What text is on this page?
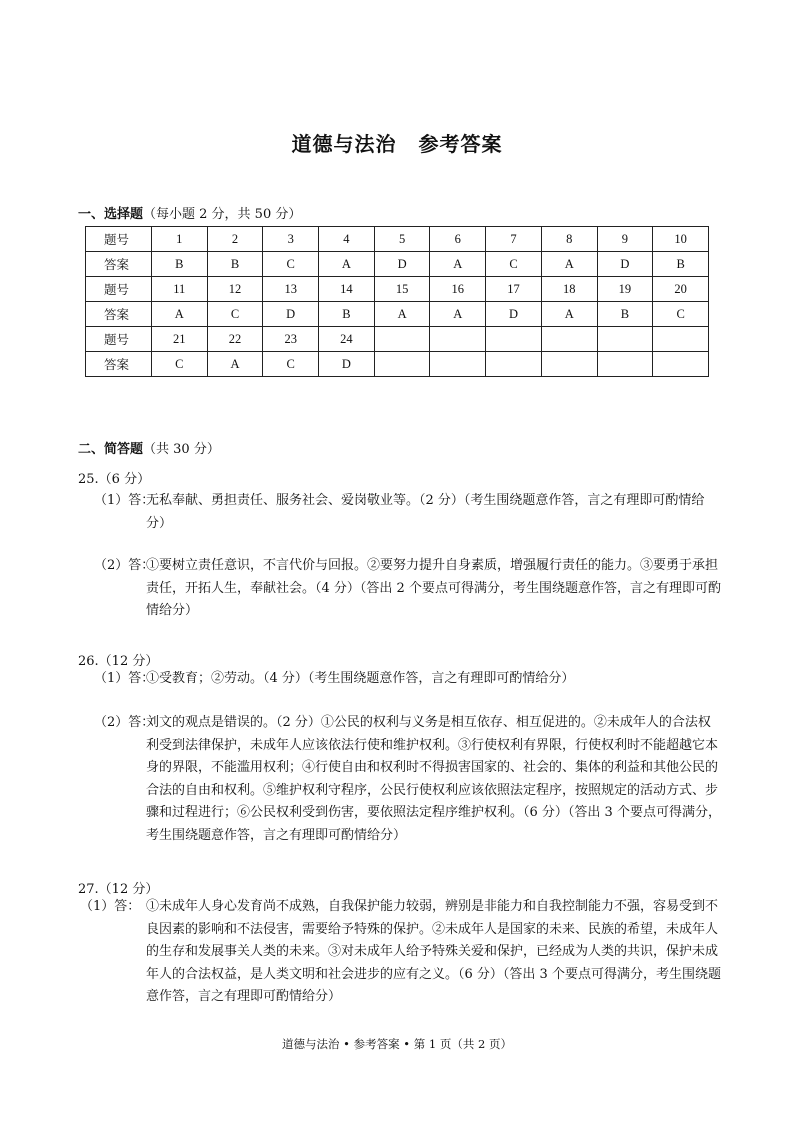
道德与法治 参考答案
一、选择题（每小题 2 分，共 50 分）
题号	1	2	3	4	5	6	7	8	9	10
答案	B	B	C	A	D	A	C	A	D	B
题号	11	12	13	14	15	16	17	18	19	20
答案	A	C	D	B	A	A	D	A	B	C
题号	21	22	23	24						
答案	C	A	C	D						
二、简答题（共 30 分）
25.（6 分）
（1）答：
无私奉献、勇担责任、服务社会、爱岗敬业等。（2 分）（考生围绕题意作答，言之有理即可酌情给分）
（2）答：
①要树立责任意识，不言代价与回报。②要努力提升自身素质，增强履行责任的能力。③要勇于承担责任，开拓人生，奉献社会。（4 分）（答出 2 个要点可得满分，考生围绕题意作答，言之有理即可酌情给分）
26.（12 分）
（1）答：
①受教育；②劳动。（4 分）（考生围绕题意作答，言之有理即可酌情给分）
（2）答：
刘文的观点是错误的。（2 分）①公民的权利与义务是相互依存、相互促进的。②未成年人的合法权利受到法律保护，未成年人应该依法行使和维护权利。③行使权利有界限，行使权利时不能超越它本身的界限，不能滥用权利；④行使自由和权利时不得损害国家的、社会的、集体的利益和其他公民的合法的自由和权利。⑤维护权利守程序，公民行使权利应该依照法定程序，按照规定的活动方式、步骤和过程进行；⑥公民权利受到伤害，要依照法定程序维护权利。（6 分）（答出 3 个要点可得满分，考生围绕题意作答，言之有理即可酌情给分）
27.（12 分）
（1）答： ①未成年人身心发育尚不成熟，自我保护能力较弱，辨别是非能力和自我控制能力不强，容易受到不良因素的影响和不法侵害，需要给予特殊的保护。②未成年人是国家的未来、民族的希望，未成年人的生存和发展事关人类的未来。③对未成年人给予特殊关爱和保护，已经成为人类的共识，保护未成年人的合法权益，是人类文明和社会进步的应有之义。（6 分）（答出 3 个要点可得满分，考生围绕题意作答，言之有理即可酌情给分）
道德与法治 • 参考答案 • 第 1 页（共 2 页）
